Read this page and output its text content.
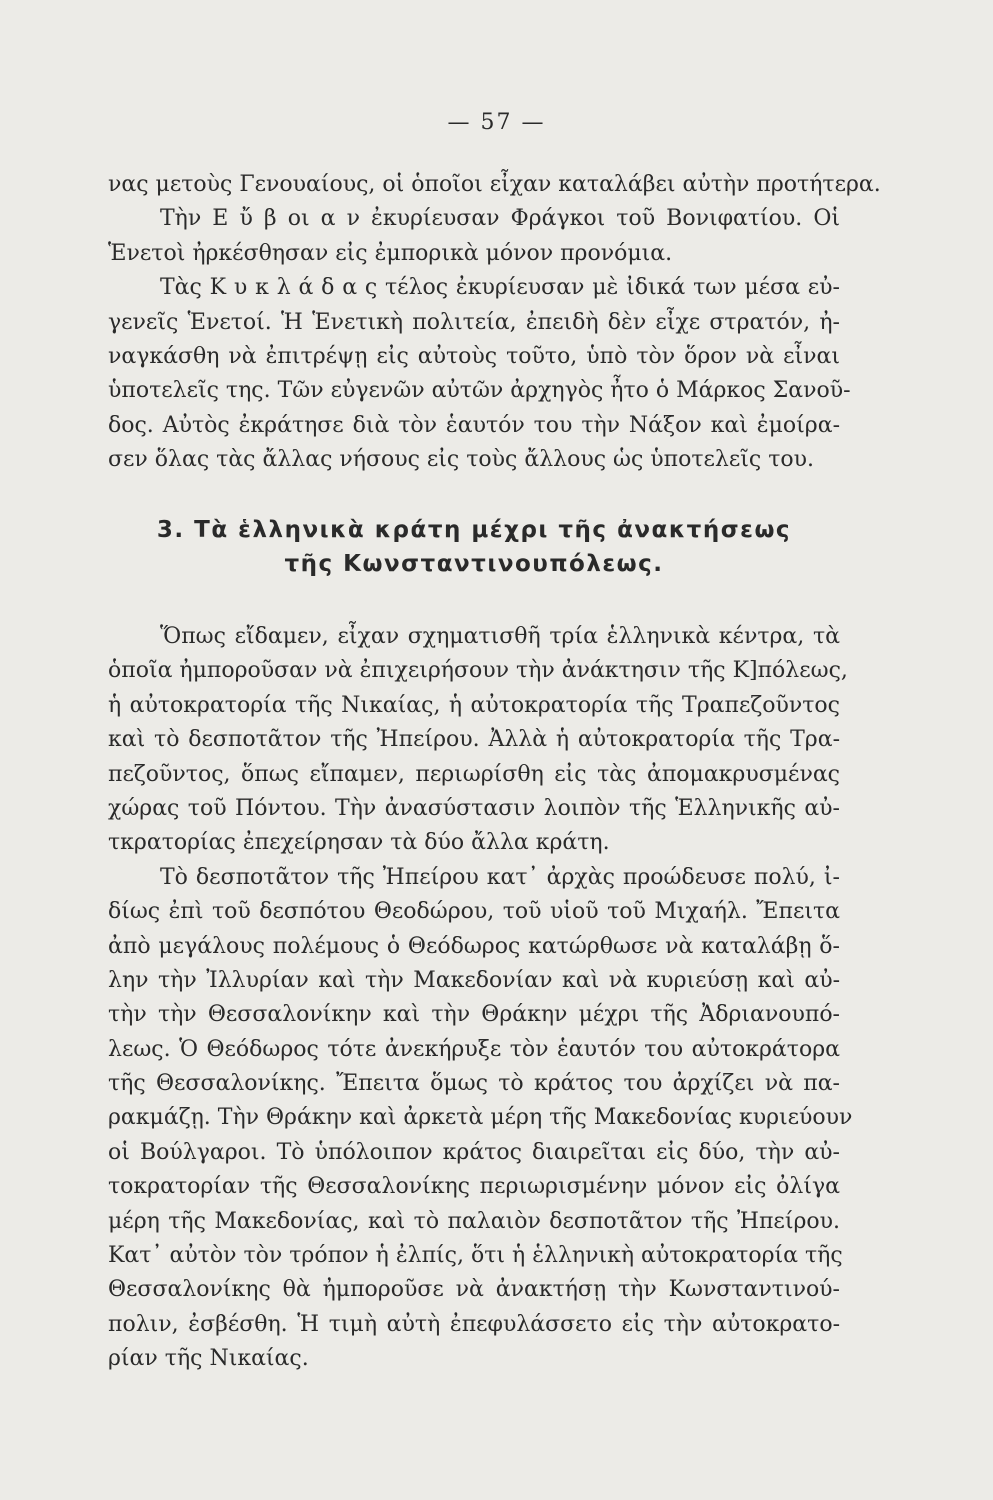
— 57 —
νας μετοὺς Γενουαίους, οἱ ὁποῖοι εἶχαν καταλάβει αὐτὴν προτήτερα.
Τὴν Ε ὔ β οι α ν ἐκυρίευσαν Φράγκοι τοῦ Βονιφατίου. Οἱ
Ἑνετοὶ ἠρκέσθησαν εἰς ἐμπορικὰ μόνον προνόμια.
Τὰς Κ υ κ λ ά δ α ς τέλος ἐκυρίευσαν μὲ ἰδικά των μέσα εὐ-
γενεῖς Ἑνετοί. Ἡ Ἑνετικὴ πολιτεία, ἐπειδὴ δὲν εἶχε στρατόν, ἠ-
ναγκάσθη νὰ ἐπιτρέψῃ εἰς αὐτοὺς τοῦτο, ὑπὸ τὸν ὅρον νὰ εἶναι
ὑποτελεῖς της. Τῶν εὐγενῶν αὐτῶν ἀρχηγὸς ἦτο ὁ Μάρκος Σανοῦ-
δος. Αὐτὸς ἐκράτησε διὰ τὸν ἑαυτόν του τὴν Νάξον καὶ ἐμοίρα-
σεν ὅλας τὰς ἄλλας νήσους εἰς τοὺς ἄλλους ὡς ὑποτελεῖς του.
3. Τὰ ἑλληνικὰ κράτη μέχρι τῆς ἀνακτήσεως
τῆς Κωνσταντινουπόλεως.
Ὅπως εἴδαμεν, εἶχαν σχηματισθῆ τρία ἑλληνικὰ κέντρα, τὰ
ὁποῖα ἠμποροῦσαν νὰ ἐπιχειρήσουν τὴν ἀνάκτησιν τῆς Κ]πόλεως,
ἡ αὐτοκρατορία τῆς Νικαίας, ἡ αὐτοκρατορία τῆς Τραπεζοῦντος
καὶ τὸ δεσποτᾶτον τῆς Ἠπείρου. Ἀλλὰ ἡ αὐτοκρατορία τῆς Τρα-
πεζοῦντος, ὅπως εἴπαμεν, περιωρίσθη εἰς τὰς ἀπομακρυσμένας
χώρας τοῦ Πόντου. Τὴν ἀνασύστασιν λοιπὸν τῆς Ἑλληνικῆς αὐ-
τκρατορίας ἐπεχείρησαν τὰ δύο ἄλλα κράτη.
Τὸ δεσποτᾶτον τῆς Ἠπείρου κατ᾽ ἀρχὰς προώδευσε πολύ, ἰ-
δίως ἐπὶ τοῦ δεσπότου Θεοδώρου, τοῦ υἱοῦ τοῦ Μιχαήλ. Ἔπειτα
ἀπὸ μεγάλους πολέμους ὁ Θεόδωρος κατώρθωσε νὰ καταλάβῃ ὅ-
λην τὴν Ἰλλυρίαν καὶ τὴν Μακεδονίαν καὶ νὰ κυριεύσῃ καὶ αὐ-
τὴν τὴν Θεσσαλονίκην καὶ τὴν Θράκην μέχρι τῆς Ἀδριανουπό-
λεως. Ὁ Θεόδωρος τότε ἀνεκήρυξε τὸν ἑαυτόν του αὐτοκράτορα
τῆς Θεσσαλονίκης. Ἔπειτα ὅμως τὸ κράτος του ἀρχίζει νὰ πα-
ρακμάζῃ. Τὴν Θράκην καὶ ἀρκετὰ μέρη τῆς Μακεδονίας κυριεύουν
οἱ Βούλγαροι. Τὸ ὑπόλοιπον κράτος διαιρεῖται εἰς δύο, τὴν αὐ-
τοκρατορίαν τῆς Θεσσαλονίκης περιωρισμένην μόνον εἰς ὀλίγα
μέρη τῆς Μακεδονίας, καὶ τὸ παλαιὸν δεσποτᾶτον τῆς Ἠπείρου.
Κατ᾽ αὐτὸν τὸν τρόπον ἡ ἐλπίς, ὅτι ἡ ἑλληνικὴ αὐτοκρατορία τῆς
Θεσσαλονίκης θὰ ἠμποροῦσε νὰ ἀνακτήσῃ τὴν Κωνσταντινού-
πολιν, ἐσβέσθη. Ἡ τιμὴ αὐτὴ ἐπεφυλάσσετο εἰς τὴν αὐτοκρατο-
ρίαν τῆς Νικαίας.
